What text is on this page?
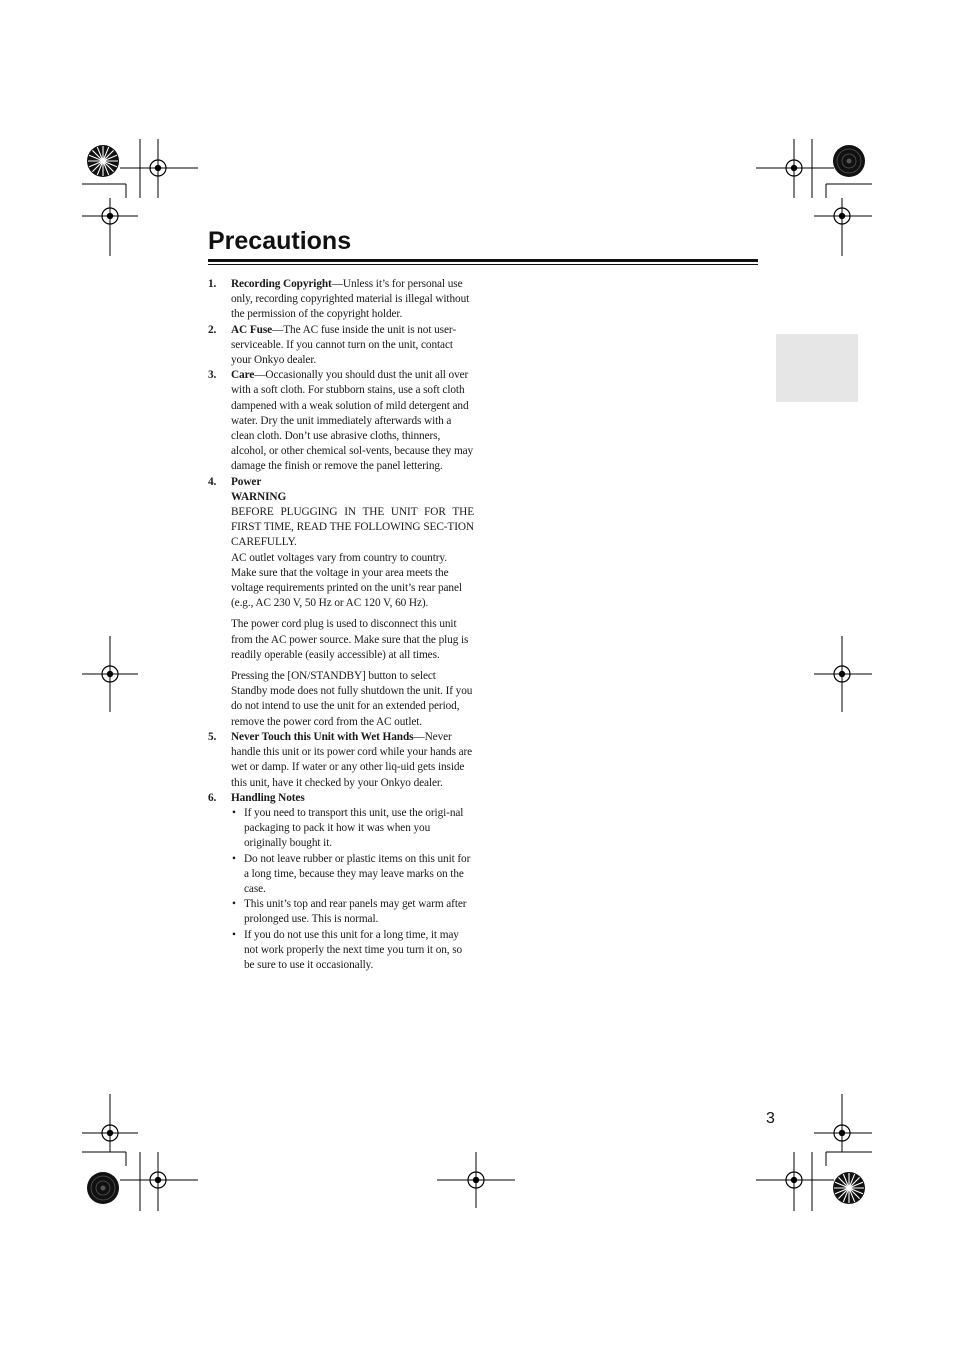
Precautions
1. Recording Copyright—Unless it’s for personal use only, recording copyrighted material is illegal without the permission of the copyright holder.
2. AC Fuse—The AC fuse inside the unit is not user-serviceable. If you cannot turn on the unit, contact your Onkyo dealer.
3. Care—Occasionally you should dust the unit all over with a soft cloth. For stubborn stains, use a soft cloth dampened with a weak solution of mild detergent and water. Dry the unit immediately afterwards with a clean cloth. Don’t use abrasive cloths, thinners, alcohol, or other chemical sol-vents, because they may damage the finish or remove the panel lettering.
4. Power
WARNING
BEFORE PLUGGING IN THE UNIT FOR THE FIRST TIME, READ THE FOLLOWING SEC-TION CAREFULLY.
AC outlet voltages vary from country to country. Make sure that the voltage in your area meets the voltage requirements printed on the unit’s rear panel (e.g., AC 230 V, 50 Hz or AC 120 V, 60 Hz).
The power cord plug is used to disconnect this unit from the AC power source. Make sure that the plug is readily operable (easily accessible) at all times.
Pressing the [ON/STANDBY] button to select Standby mode does not fully shutdown the unit. If you do not intend to use the unit for an extended period, remove the power cord from the AC outlet.
5. Never Touch this Unit with Wet Hands—Never handle this unit or its power cord while your hands are wet or damp. If water or any other liq-uid gets inside this unit, have it checked by your Onkyo dealer.
6. Handling Notes
• If you need to transport this unit, use the origi-nal packaging to pack it how it was when you originally bought it.
• Do not leave rubber or plastic items on this unit for a long time, because they may leave marks on the case.
• This unit’s top and rear panels may get warm after prolonged use. This is normal.
• If you do not use this unit for a long time, it may not work properly the next time you turn it on, so be sure to use it occasionally.
3
